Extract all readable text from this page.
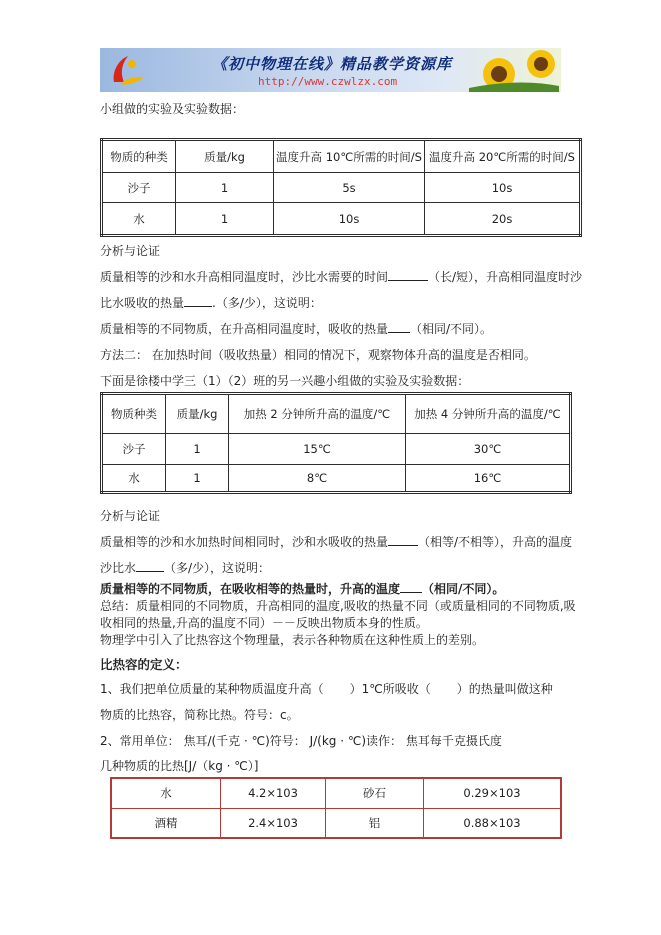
《初中物理在线》精品教学资源库
http://www.czwlzx.com
小组做的实验及实验数据：
物质的种类	质量/kg	温度升高 10℃所需的时间/S	温度升高 20℃所需的时间/S
沙子	1	5s	10s
水	1	10s	20s
分析与论证
质量相等的沙和水升高相同温度时，沙比水需要的时间	（长/短），升高相同温度时沙
比水吸收的热量 .（多/少），这说明：
质量相等的不同物质，在升高相同温度时，吸收的热量 （相同/不同）。
方法二： 在加热时间（吸收热量）相同的情况下，观察物体升高的温度是否相同。
下面是徐楼中学三（1）（2）班的另一兴趣小组做的实验及实验数据：
物质种类	质量/kg	加热 2 分钟所升高的温度/℃	加热 4 分钟所升高的温度/℃
沙子	1	15℃	30℃
水	1	8℃	16℃
分析与论证
质量相等的沙和水加热时间相同时，沙和水吸收的热量	（相等/不相等），升高的温度
沙比水 （多/少），这说明：
质量相等的不同物质，在吸收相等的热量时，升高的温度 （相同/不同）。
总结：质量相同的不同物质，升高相同的温度,吸收的热量不同（或质量相同的不同物质,吸
收相同的热量,升高的温度不同）－－反映出物质本身的性质。
物理学中引入了比热容这个物理量，表示各种物质在这种性质上的差别。
比热容的定义：
1、我们把单位质量的某种物质温度升高（ ）1℃所吸收（ ）的热量叫做这种
物质的比热容，简称比热。符号：c。
2、常用单位： 焦耳/(千克 · ℃)符号： J/(kg · ℃)读作： 焦耳每千克摄氏度
几种物质的比热[J/（kg · ℃）]
水	4.2×103	砂石	0.29×103
酒精	2.4×103	铝	0.88×103
